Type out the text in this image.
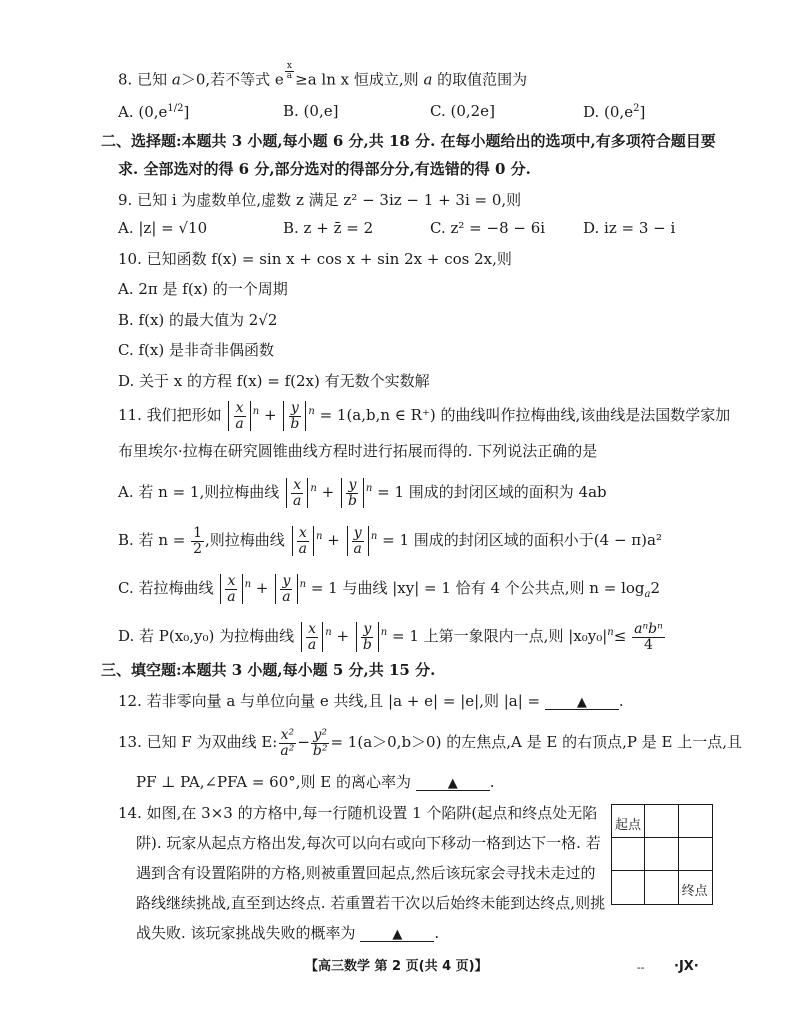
8. 已知 a＞0,若不等式 e $^{\frac{x}{a}}$ ≥a ln x 恒成立,则 a 的取值范围为
A. $(0,e^{1/2}]$	B. (0,e]	C. (0,2e]	D. $(0,e^2]$
二、选择题:本题共 3 小题,每小题 6 分,共 18 分. 在每小题给出的选项中,有多项符合题目要
求. 全部选对的得 6 分,部分选对的得部分分,有选错的得 0 分.
9. 已知 i 为虚数单位,虚数 z 满足 z² − 3iz − 1 + 3i = 0,则
A. |z| = √10	B. z + z̄ = 2	C. z² = −8 − 6i	D. iz = 3 − i
10. 已知函数 f(x) = sin x + cos x + sin 2x + cos 2x,则
A. 2π 是 f(x) 的一个周期
B. f(x) 的最大值为 2√2
C. f(x) 是非奇非偶函数
D. 关于 x 的方程 f(x) = f(2x) 有无数个实数解
11. 我们把形如 $\frac{x}{a} ^n + \frac{y}{b} ^n = 1(a,b,n$ ∈ R⁺) 的曲线叫作拉梅曲线,该曲线是法国数学家加
布里埃尔·拉梅在研究圆锥曲线方程时进行拓展而得的. 下列说法正确的是
A. 若 n = 1,则拉梅曲线 $\frac{x}{a} ^n + \frac{y}{b} ^n = 1$ 围成的封闭区域的面积为 4ab
B. 若 $n = \frac{1}{2}$ ,则拉梅曲线 $\frac{x}{a} ^n + \frac{y}{a} ^n = 1$ 围成的封闭区域的面积小于(4 − π)a²
C. 若拉梅曲线 $\frac{x}{a} ^n + \frac{y}{a} ^n = 1$ 与曲线 |xy| = 1 恰有 4 个公共点,则 $n = \log_a2$
D. 若 P(x₀,y₀) 为拉梅曲线 $\frac{x}{a} ^n + \frac{y}{b} ^n = 1$ 上第一象限内一点,则 $|x_0y_0|^n\le \frac{\text{aⁿbⁿ}}{4}$
三、填空题:本题共 3 小题,每小题 5 分,共 15 分.
12. 若非零向量 a 与单位向量 e 共线,且 |a + e| = |e|,则 |a| =	▲ .
13. 已知 F 为双曲线 E: $\frac{\text{x²}}{\text{a²}} - \frac{\text{y²}}{\text{b²}} = 1(a>0,b>0)$ 的左焦点,A 是 E 的右顶点,P 是 E 上一点,且
PF ⊥ PA,∠PFA = 60°,则 E 的离心率为	▲ .
14. 如图,在 3×3 的方格中,每一行随机设置 1 个陷阱(起点和终点处无陷
阱). 玩家从起点方格出发,每次可以向右或向下移动一格到达下一格. 若
遇到含有设置陷阱的方格,则被重置回起点,然后该玩家会寻找未走过的
路线继续挑战,直至到达终点. 若重置若干次以后始终未能到达终点,则挑
战失败. 该玩家挑战失败的概率为	▲ .
起点
终点
【高三数学 第 2 页(共 4 页)】	-- ·JX·
